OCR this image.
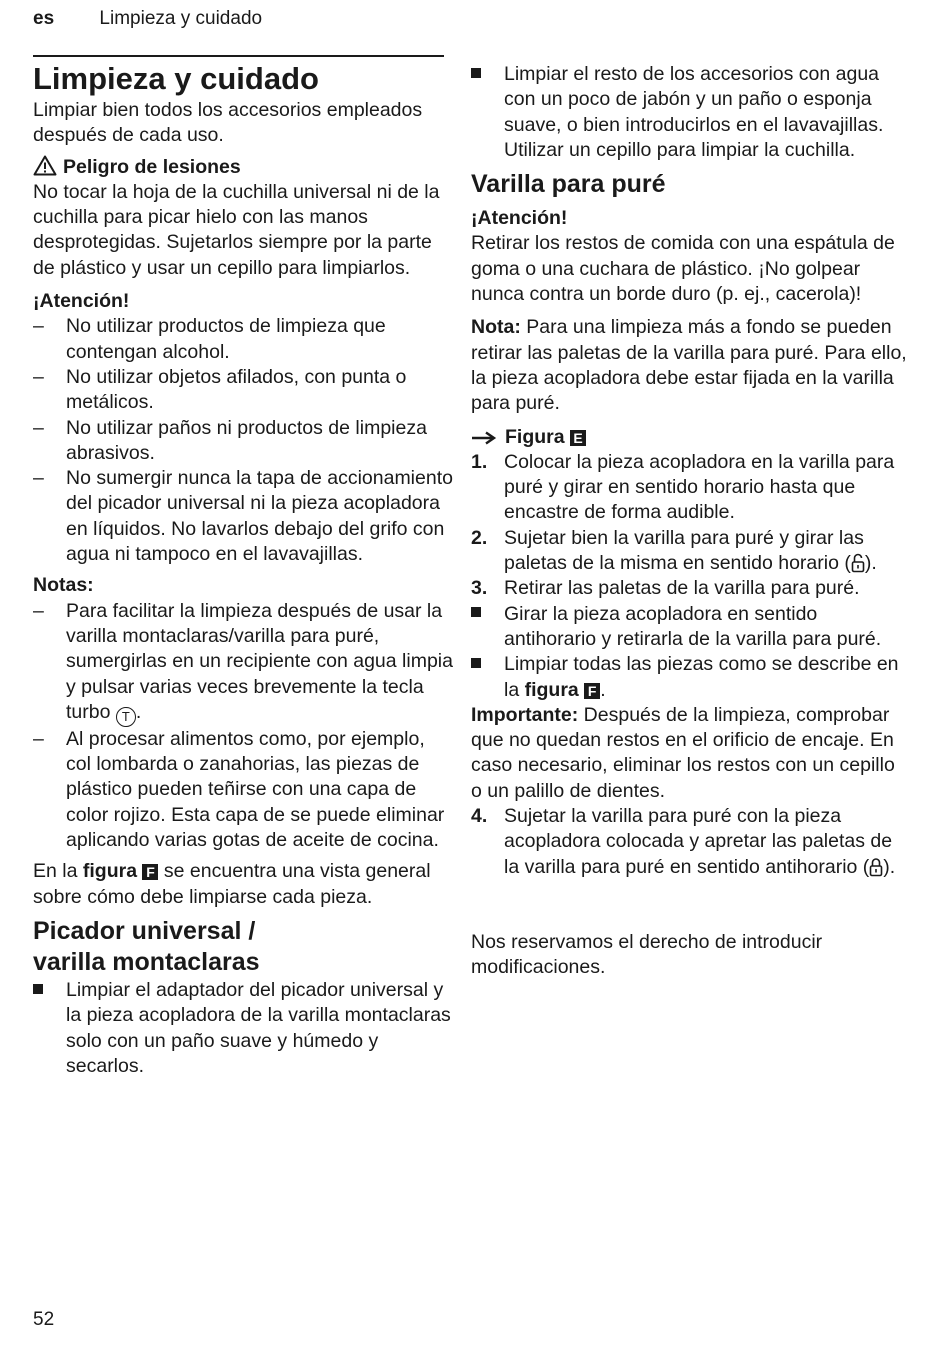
es Limpieza y cuidado
Limpieza y cuidado

Limpiar bien todos los accesorios empleados después de cada uso.

Peligro de lesiones

No tocar la hoja de la cuchilla universal ni de la cuchilla para picar hielo con las manos desprotegidas. Sujetarlos siempre por la parte de plástico y usar un cepillo para limpiarlos.

¡Atención!

–	No utilizar productos de limpieza que contengan alcohol.
–	No utilizar objetos afilados, con punta o metálicos.
–	No utilizar paños ni productos de limpieza abrasivos.
–	No sumergir nunca la tapa de accionamiento del picador universal ni la pieza acopladora en líquidos. No lavarlos debajo del grifo con agua ni tampoco en el lavavajillas.

Notas:

–	Para facilitar la limpieza después de usar la varilla montaclaras/varilla para puré, sumergirlas en un recipiente con agua limpia y pulsar varias veces brevemente la tecla turbo T .
–	Al procesar alimentos como, por ejemplo, col lombarda o zanahorias, las piezas de plástico pueden teñirse con una capa de color rojizo. Esta capa de se puede eliminar aplicando varias gotas de aceite de cocina.

En la figura F se encuentra una vista general sobre cómo debe limpiarse cada pieza.

Picador universal /
varilla montaclaras
Limpiar el adaptador del picador universal y la pieza acopladora de la varilla montaclaras solo con un paño suave y húmedo y secarlos.
Limpiar el resto de los accesorios con agua con un poco de jabón y un paño o esponja suave, o bien introducirlos en el lavavajillas. Utilizar un cepillo para limpiar la cuchilla.
Varilla para puré

¡Atención!

Retirar los restos de comida con una espátula de goma o una cuchara de plástico. ¡No golpear nunca contra un borde duro (p. ej., cacerola)!

Nota: Para una limpieza más a fondo se pueden retirar las paletas de la varilla para puré. Para ello, la pieza acopladora debe estar fijada en la varilla para puré.

Figura E

1. Colocar la pieza acopladora en la varilla para puré y girar en sentido horario hasta que encastre de forma audible.
2. Sujetar bien la varilla para puré y girar las paletas de la misma en sentido horario ( ).
3. Retirar las paletas de la varilla para puré.
Girar la pieza acopladora en sentido antihorario y retirarla de la varilla para puré.
Limpiar todas las piezas como se describe en la figura F .

Importante: Después de la limpieza, comprobar que no quedan restos en el orificio de encaje. En caso necesario, eliminar los restos con un cepillo o un palillo de dientes.

4. Sujetar la varilla para puré con la pieza acopladora colocada y apretar las paletas de la varilla para puré en sentido antihorario ( ).

Nos reservamos el derecho de introducir modificaciones.

52
